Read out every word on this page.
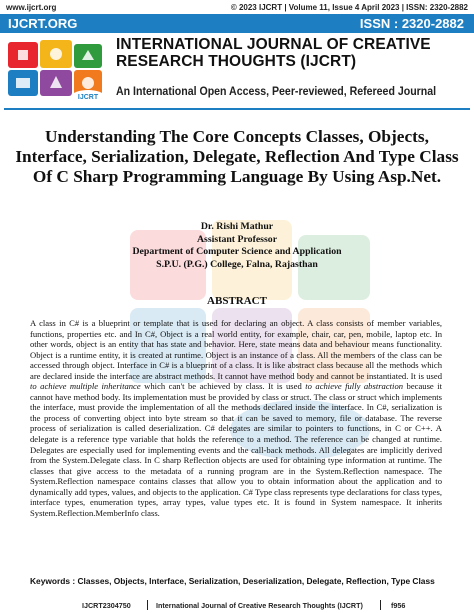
www.ijcrt.org	© 2023 IJCRT | Volume 11, Issue 4 April 2023 | ISSN: 2320-2882
IJCRT.ORG	ISSN : 2320-2882
IJCRT
INTERNATIONAL JOURNAL OF CREATIVE RESEARCH THOUGHTS (IJCRT)
An International Open Access, Peer-reviewed, Refereed Journal
Understanding The Core Concepts Classes, Objects, Interface, Serialization, Delegate, Reflection And Type Class Of C Sharp Programming Language By Using Asp.Net.
Dr. Rishi Mathur
Assistant Professor
Department of Computer Science and Application
S.P.U. (P.G.) College, Falna, Rajasthan
ABSTRACT
A class in C# is a blueprint or template that is used for declaring an object. A class consists of member variables, functions, properties etc. and In C#, Object is a real world entity, for example, chair, car, pen, mobile, laptop etc. In other words, object is an entity that has state and behavior. Here, state means data and behaviour means functionality. Object is a runtime entity, it is created at runtime. Object is an instance of a class. All the members of the class can be accessed through object. Interface in C# is a blueprint of a class. It is like abstract class because all the methods which are declared inside the interface are abstract methods. It cannot have method body and cannot be instantiated. It is used to achieve multiple inheritance which can't be achieved by class. It is used to achieve fully abstraction because it cannot have method body. Its implementation must be provided by class or struct. The class or struct which implements the interface, must provide the implementation of all the methods declared inside the interface. In C#, serialization is the process of converting object into byte stream so that it can be saved to memory, file or database. The reverse process of serialization is called deserialization. C# delegates are similar to pointers to functions, in C or C++. A delegate is a reference type variable that holds the reference to a method. The reference can be changed at runtime. Delegates are especially used for implementing events and the call-back methods. All delegates are implicitly derived from the System.Delegate class. In C sharp Reflection objects are used for obtaining type information at runtime. The classes that give access to the metadata of a running program are in the System.Reflection namespace. The System.Reflection namespace contains classes that allow you to obtain information about the application and to dynamically add types, values, and objects to the application. C# Type class represents type declarations for class types, interface types, enumeration types, array types, value types etc. It is found in System namespace. It inherits System.Reflection.MemberInfo class.
Keywords : Classes, Objects, Interface, Serialization, Deserialization, Delegate, Reflection, Type Class
IJCRT2304750	International Journal of Creative Research Thoughts (IJCRT)	f956
